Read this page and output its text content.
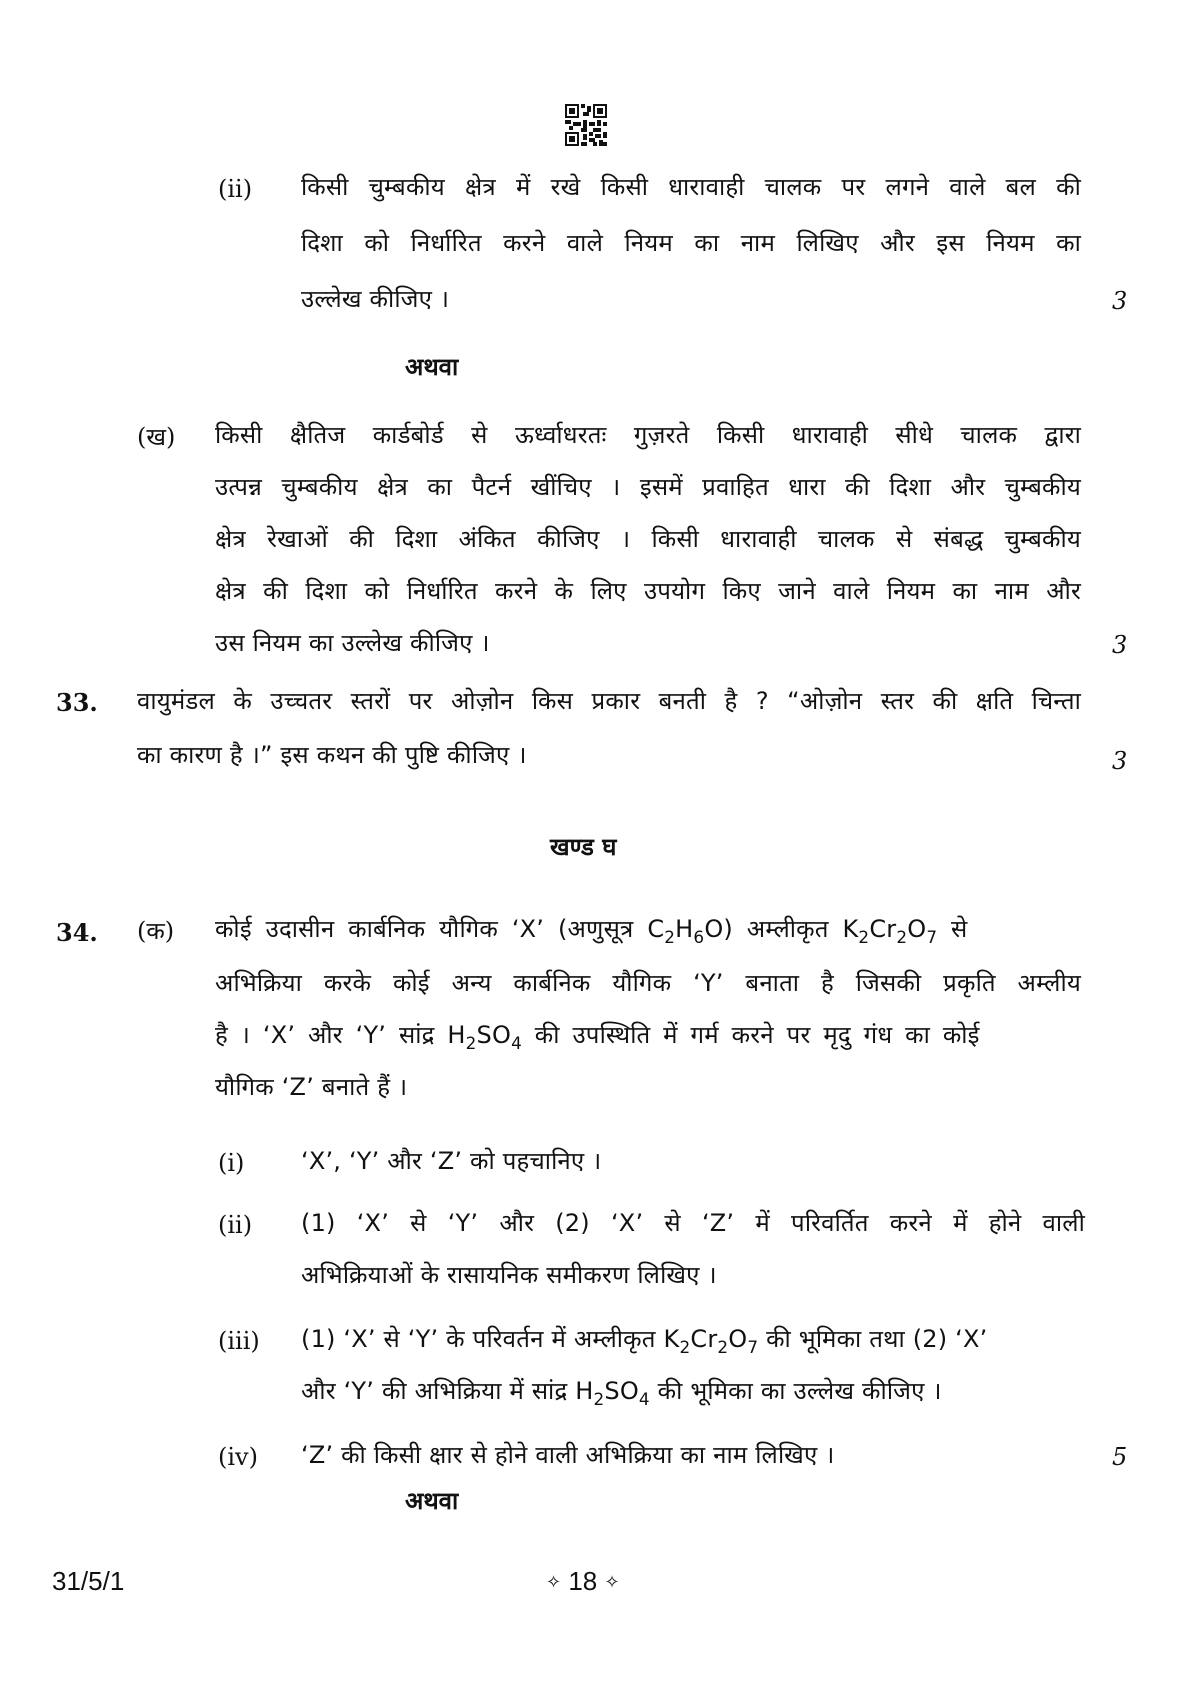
(ii) किसी चुम्बकीय क्षेत्र में रखे किसी धारावाही चालक पर लगने वाले बल की
दिशा को निर्धारित करने वाले नियम का नाम लिखिए और इस नियम का
उल्लेख कीजिए ।	3
अथवा
(ख) किसी क्षैतिज कार्डबोर्ड से ऊर्ध्वाधरतः गुज़रते किसी धारावाही सीधे चालक द्वारा
उत्पन्न चुम्बकीय क्षेत्र का पैटर्न खींचिए । इसमें प्रवाहित धारा की दिशा और चुम्बकीय
क्षेत्र रेखाओं की दिशा अंकित कीजिए । किसी धारावाही चालक से संबद्ध चुम्बकीय
क्षेत्र की दिशा को निर्धारित करने के लिए उपयोग किए जाने वाले नियम का नाम और
उस नियम का उल्लेख कीजिए ।	3
33. वायुमंडल के उच्चतर स्तरों पर ओज़ोन किस प्रकार बनती है ? “ओज़ोन स्तर की क्षति चिन्ता
का कारण है ।” इस कथन की पुष्टि कीजिए ।	3
खण्ड घ
34. (क) कोई उदासीन कार्बनिक यौगिक ‘X’ (अणुसूत्र $C_2H_6O$) अम्लीकृत $K_2Cr_2O_7$ से
अभिक्रिया करके कोई अन्य कार्बनिक यौगिक ‘Y’ बनाता है जिसकी प्रकृति अम्लीय
है । ‘X’ और ‘Y’ सांद्र $H_2SO_4$ की उपस्थिति में गर्म करने पर मृदु गंध का कोई
यौगिक ‘Z’ बनाते हैं ।
(i) ‘X’, ‘Y’ और ‘Z’ को पहचानिए ।
(ii) (1) ‘X’ से ‘Y’ और (2) ‘X’ से ‘Z’ में परिवर्तित करने में होने वाली
अभिक्रियाओं के रासायनिक समीकरण लिखिए ।
(iii) (1) ‘X’ से ‘Y’ के परिवर्तन में अम्लीकृत $K_2Cr_2O_7$ की भूमिका तथा (2) ‘X’
और ‘Y’ की अभिक्रिया में सांद्र $H_2SO_4$ की भूमिका का उल्लेख कीजिए ।
(iv) ‘Z’ की किसी क्षार से होने वाली अभिक्रिया का नाम लिखिए ।	5
अथवा
31/5/1	✧ 18 ✧
